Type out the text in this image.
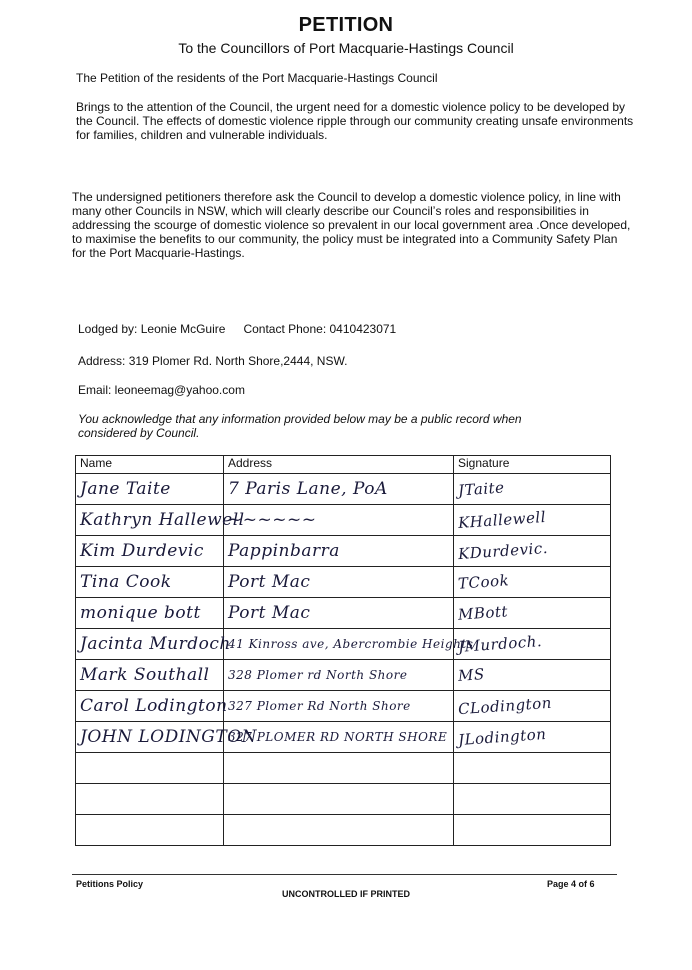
PETITION
To the Councillors of Port Macquarie-Hastings Council
The Petition of the residents of the Port Macquarie-Hastings Council
Brings to the attention of the Council, the urgent need for a domestic violence policy to be developed by the Council. The effects of domestic violence ripple through our community creating unsafe environments for families, children and vulnerable individuals.
The undersigned petitioners therefore ask the Council to develop a domestic violence policy, in line with many other Councils in NSW, which will clearly describe our Councilʼs roles and responsibilities in addressing the scourge of domestic violence so prevalent in our local government area .Once developed, to maximise the benefits to our community, the policy must be integrated into a Community Safety Plan for the Port Macquarie-Hastings.
Lodged by: Leonie McGuire Contact Phone: 0410423071
Address: 319 Plomer Rd. North Shore,2444, NSW.
Email: leoneemag@yahoo.com
You acknowledge that any information provided below may be a public record when considered by Council.
Name	Address	Signature
Jane Taite	7 Paris Lane, PoA	JTaite
Kathryn Hallewell	~~~~~~	KHallewell
Kim Durdevic	Pappinbarra	KDurdevic.
Tina Cook	Port Mac	TCook
monique bott	Port Mac	MBott
Jacinta Murdoch	41 Kinross ave, Abercrombie Heights	JMurdoch.
Mark Southall	328 Plomer rd North Shore	MS
Carol Lodington	327 Plomer Rd North Shore	CLodington
JOHN LODINGTON	327 PLOMER RD NORTH SHORE	JLodington

Petitions Policy	Page 4 of 6
UNCONTROLLED IF PRINTED
